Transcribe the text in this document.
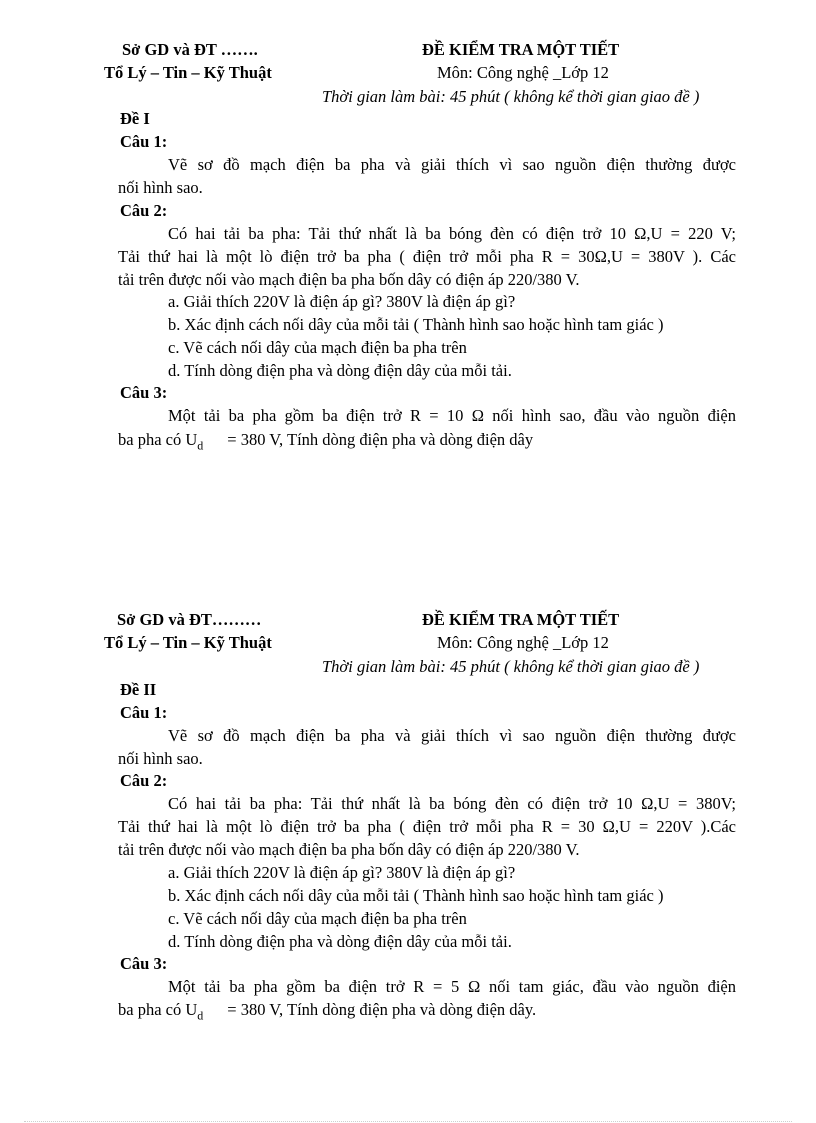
Sở GD và ĐT …….
Tổ Lý – Tin – Kỹ Thuật
ĐỀ KIỂM TRA MỘT TIẾT
Môn: Công nghệ _Lớp 12
Thời gian làm bài: 45 phút ( không kể thời gian giao đề )
Đề I
Câu 1:
Vẽ sơ đồ mạch điện ba pha và giải thích vì sao nguồn điện thường được
nối hình sao.
Câu 2:
Có hai tải ba pha: Tải thứ nhất là ba bóng đèn có điện trở 10 Ω,U = 220 V;
Tải thứ hai là một lò điện trở ba pha ( điện trở mỗi pha R = 30Ω,U = 380V ). Các
tải trên được nối vào mạch điện ba pha bốn dây có điện áp 220/380 V.
a. Giải thích 220V là điện áp gì? 380V là điện áp gì?
b. Xác định cách nối dây của mỗi tải ( Thành hình sao hoặc hình tam giác )
c. Vẽ cách nối dây của mạch điện ba pha trên
d. Tính dòng điện pha và dòng điện dây của mỗi tải.
Câu 3:
Một tải ba pha gồm ba điện trở R = 10 Ω nối hình sao, đầu vào nguồn điện
ba pha có $U_d = 380$ V, Tính dòng điện pha và dòng điện dây
Sở GD và ĐT………
Tổ Lý – Tin – Kỹ Thuật
ĐỀ KIỂM TRA MỘT TIẾT
Môn: Công nghệ _Lớp 12
Thời gian làm bài: 45 phút ( không kể thời gian giao đề )
Đề II
Câu 1:
Vẽ sơ đồ mạch điện ba pha và giải thích vì sao nguồn điện thường được
nối hình sao.
Câu 2:
Có hai tải ba pha: Tải thứ nhất là ba bóng đèn có điện trở 10 Ω,U = 380V;
Tải thứ hai là một lò điện trở ba pha ( điện trở mỗi pha R = 30 Ω,U = 220V ).Các
tải trên được nối vào mạch điện ba pha bốn dây có điện áp 220/380 V.
a. Giải thích 220V là điện áp gì? 380V là điện áp gì?
b. Xác định cách nối dây của mỗi tải ( Thành hình sao hoặc hình tam giác )
c. Vẽ cách nối dây của mạch điện ba pha trên
d. Tính dòng điện pha và dòng điện dây của mỗi tải.
Câu 3:
Một tải ba pha gồm ba điện trở R = 5 Ω nối tam giác, đầu vào nguồn điện
ba pha có $U_d = 380$ V, Tính dòng điện pha và dòng điện dây.
